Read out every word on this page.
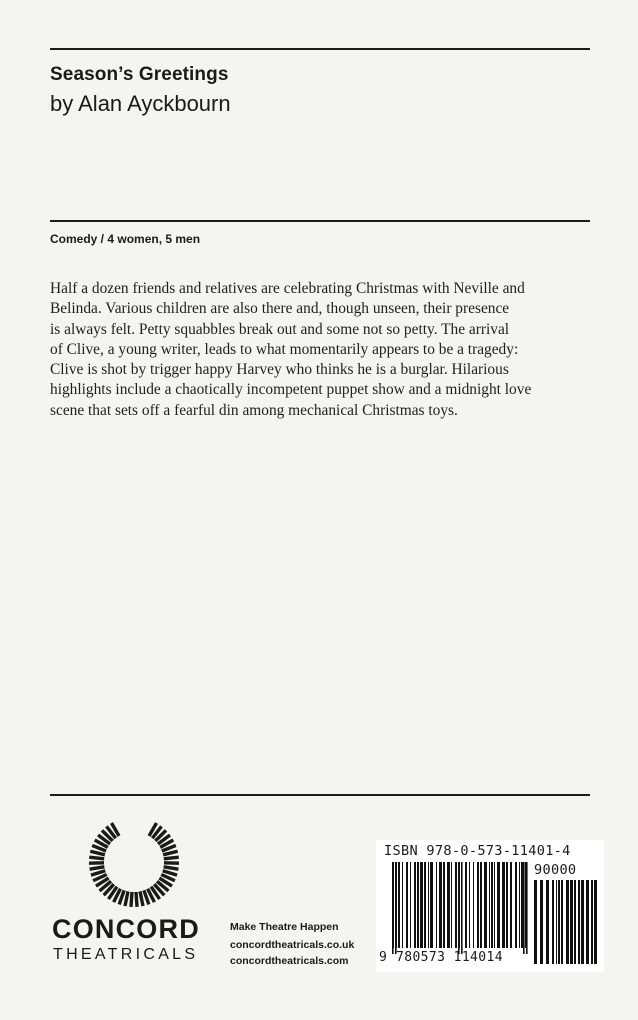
Season’s Greetings
by Alan Ayckbourn
Comedy / 4 women, 5 men

Half a dozen friends and relatives are celebrating Christmas with Neville and
Belinda. Various children are also there and, though unseen, their presence
is always felt. Petty squabbles break out and some not so petty. The arrival
of Clive, a young writer, leads to what momentarily appears to be a tragedy:
Clive is shot by trigger happy Harvey who thinks he is a burglar. Hilarious
highlights include a chaotically incompetent puppet show and a midnight love
scene that sets off a fearful din among mechanical Christmas toys.

CONCORD
THEATRICALS
Make Theatre Happen
concordtheatricals.co.uk
concordtheatricals.com
ISBN 978-0-573-11401-4
90000
9 780573 114014
